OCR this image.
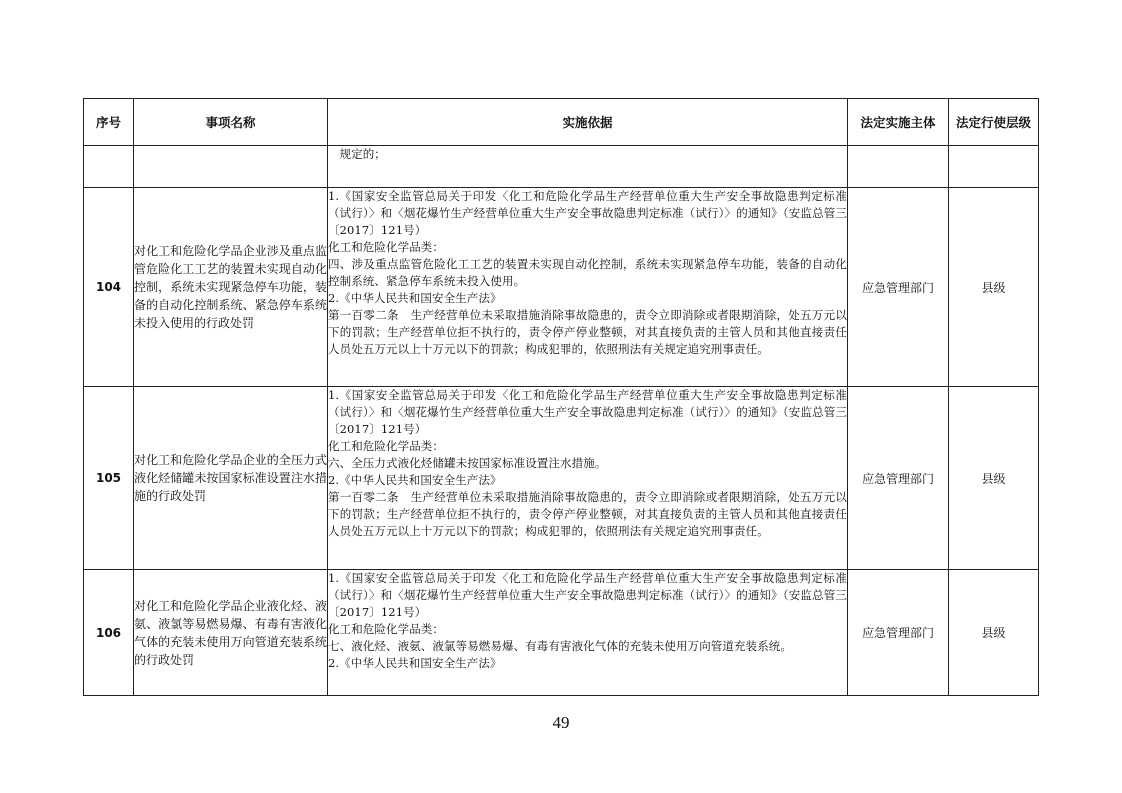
序号	事项名称	实施依据	法定实施主体	法定行使层级

		规定的；		

104	对化工和危险化学品企业涉及重点监管危险化工工艺的装置未实现自动化控制，系统未实现紧急停车功能，装备的自动化控制系统、紧急停车系统未投入使用的行政处罚	1.《国家安全监管总局关于印发〈化工和危险化学品生产经营单位重大生产安全事故隐患判定标准（试行）〉和〈烟花爆竹生产经营单位重大生产安全事故隐患判定标准（试行）〉的通知》（安监总管三〔2017〕121号）
化工和危险化学品类：
四、涉及重点监管危险化工工艺的装置未实现自动化控制，系统未实现紧急停车功能，装备的自动化控制系统、紧急停车系统未投入使用。
2.《中华人民共和国安全生产法》
第一百零二条　生产经营单位未采取措施消除事故隐患的，责令立即消除或者限期消除，处五万元以下的罚款；生产经营单位拒不执行的，责令停产停业整顿，对其直接负责的主管人员和其他直接责任人员处五万元以上十万元以下的罚款；构成犯罪的，依照刑法有关规定追究刑事责任。	应急管理部门	县级
105	对化工和危险化学品企业的全压力式液化烃储罐未按国家标准设置注水措施的行政处罚	1.《国家安全监管总局关于印发〈化工和危险化学品生产经营单位重大生产安全事故隐患判定标准（试行）〉和〈烟花爆竹生产经营单位重大生产安全事故隐患判定标准（试行）〉的通知》（安监总管三〔2017〕121号）
化工和危险化学品类：
六、全压力式液化烃储罐未按国家标准设置注水措施。
2.《中华人民共和国安全生产法》
第一百零二条　生产经营单位未采取措施消除事故隐患的，责令立即消除或者限期消除，处五万元以下的罚款；生产经营单位拒不执行的，责令停产停业整顿，对其直接负责的主管人员和其他直接责任人员处五万元以上十万元以下的罚款；构成犯罪的，依照刑法有关规定追究刑事责任。	应急管理部门	县级
106	对化工和危险化学品企业液化烃、液氨、液氯等易燃易爆、有毒有害液化气体的充装未使用万向管道充装系统的行政处罚	1.《国家安全监管总局关于印发〈化工和危险化学品生产经营单位重大生产安全事故隐患判定标准（试行）〉和〈烟花爆竹生产经营单位重大生产安全事故隐患判定标准（试行）〉的通知》（安监总管三〔2017〕121号）
化工和危险化学品类：
七、液化烃、液氨、液氯等易燃易爆、有毒有害液化气体的充装未使用万向管道充装系统。
2.《中华人民共和国安全生产法》	应急管理部门	县级
49
